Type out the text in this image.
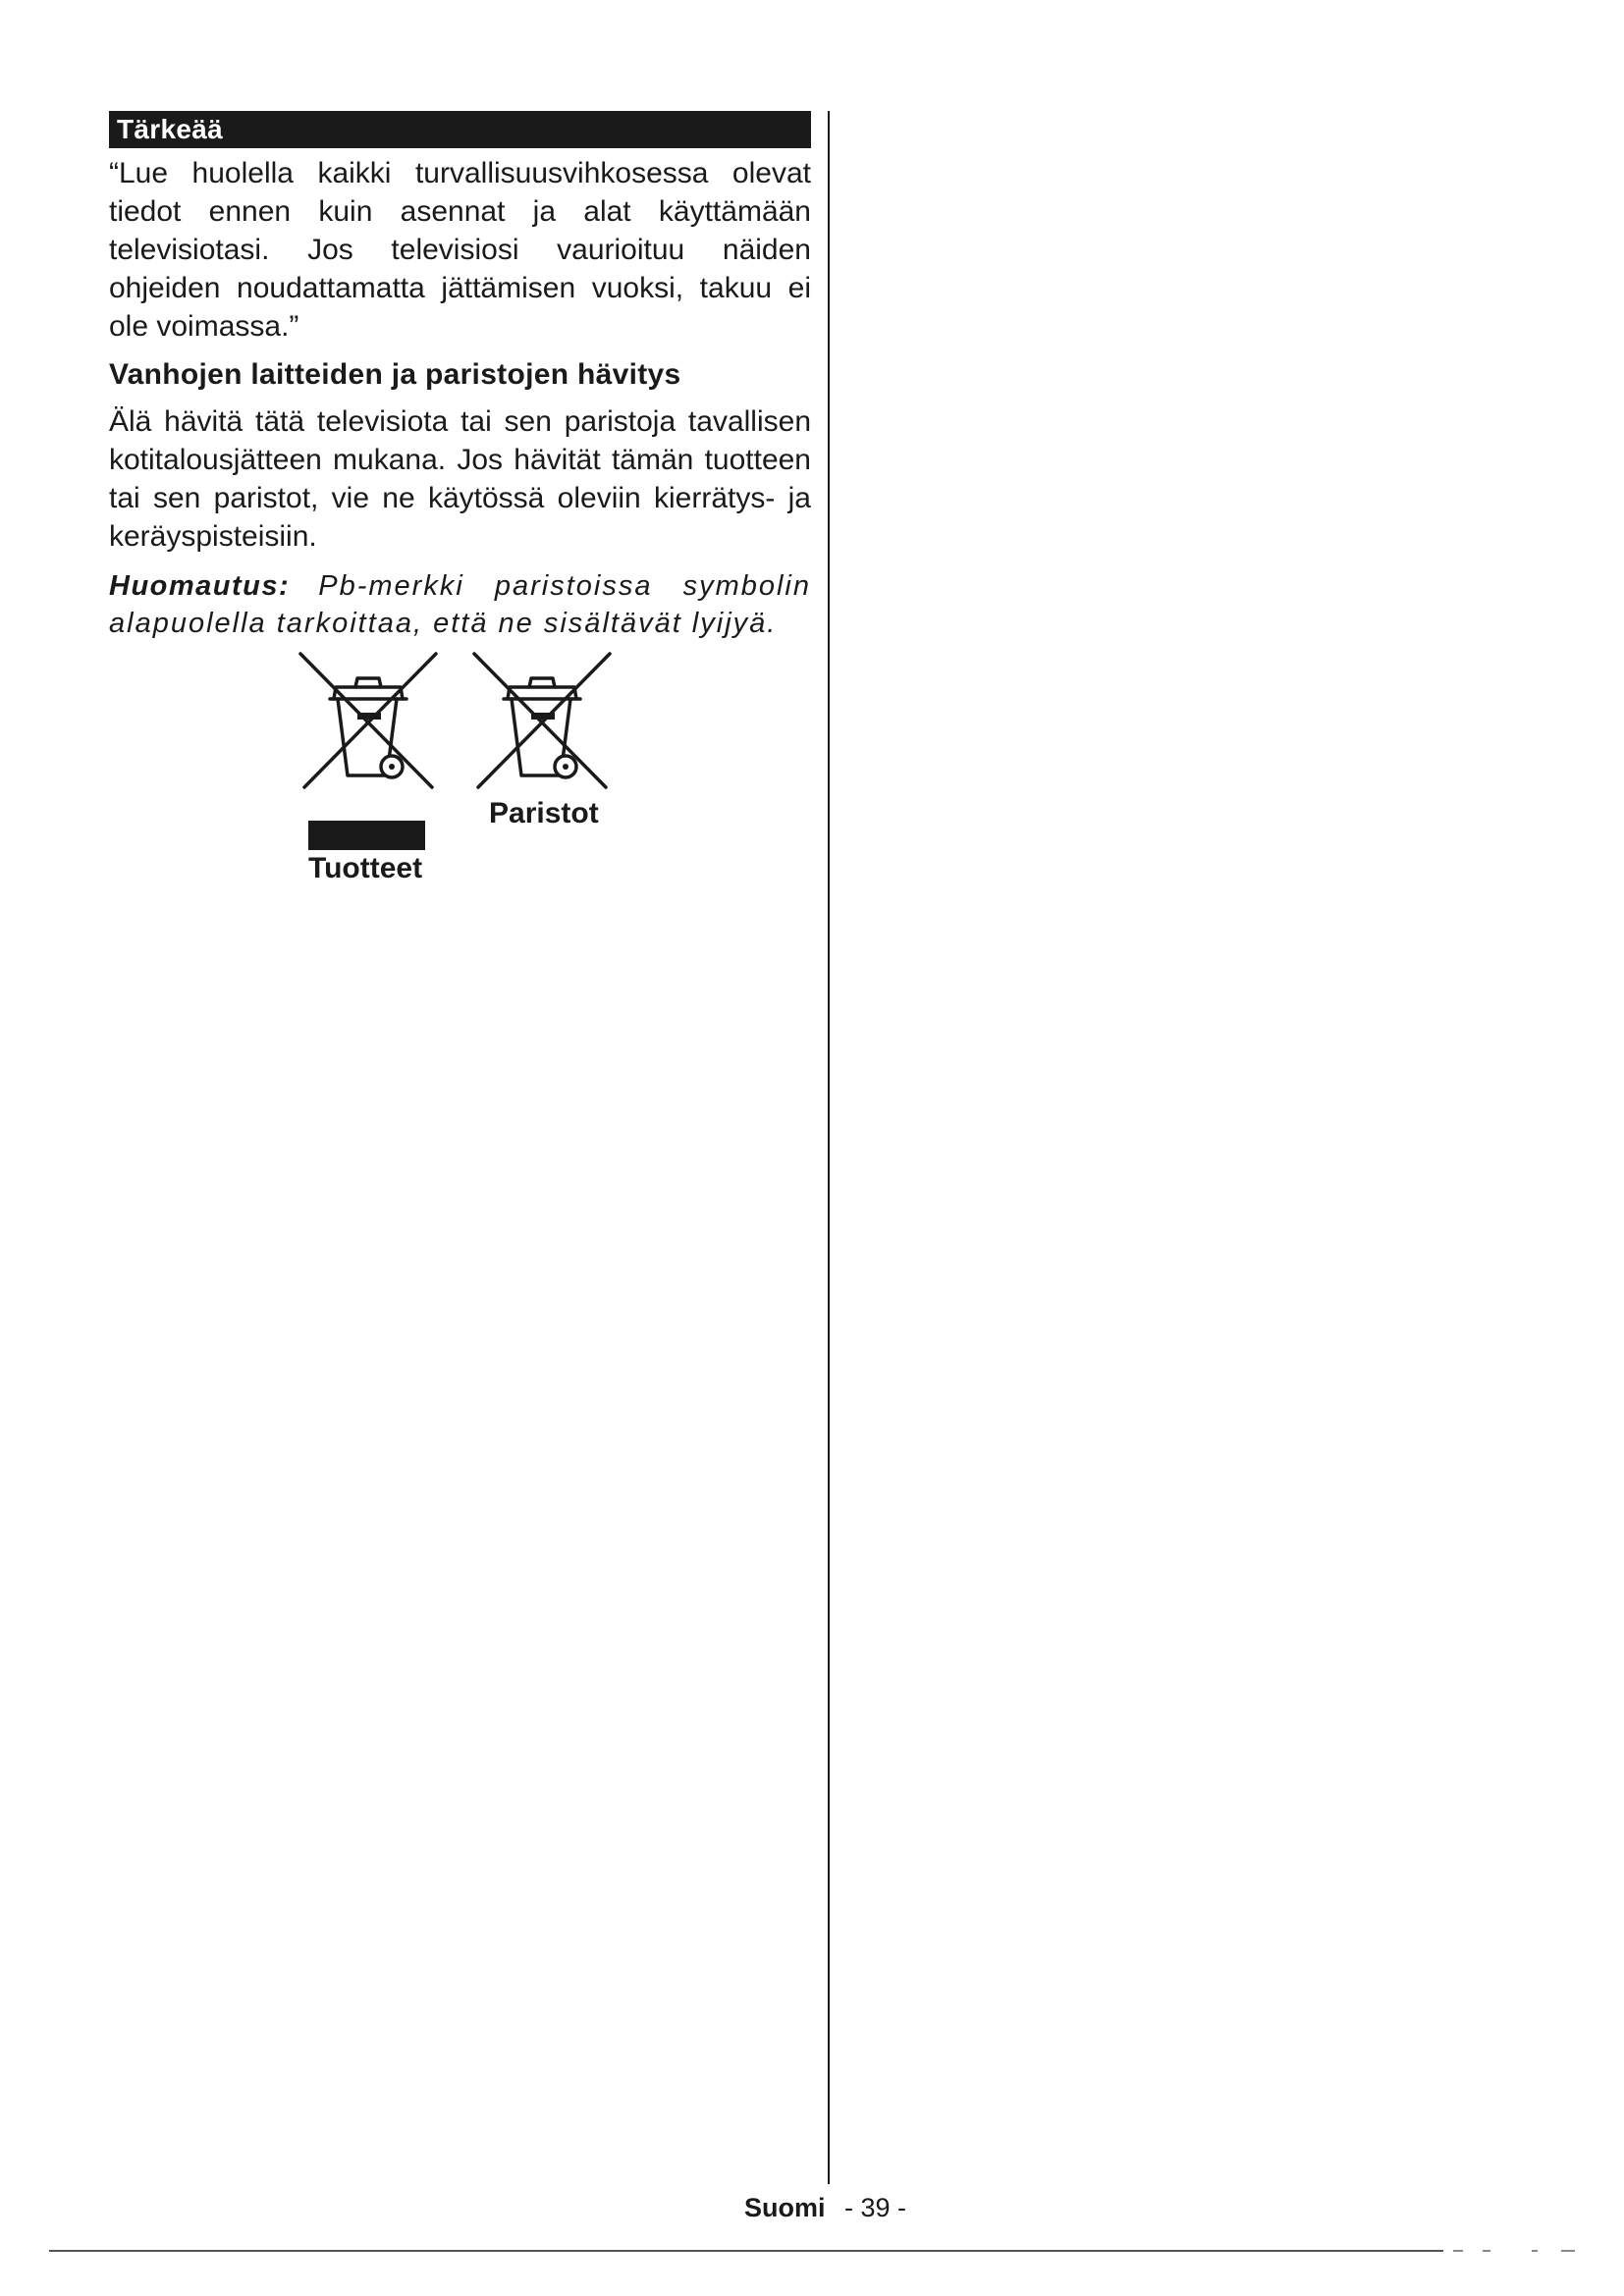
Tärkeää

“Lue huolella kaikki turvallisuusvihkosessa olevat tiedot ennen kuin asennat ja alat käyttämään televisiotasi. Jos televisiosi vaurioituu näiden ohjeiden noudattamatta jättämisen vuoksi, takuu ei ole voimassa.”

Vanhojen laitteiden ja paristojen hävitys

Älä hävitä tätä televisiota tai sen paristoja tavallisen kotitalousjätteen mukana. Jos hävität tämän tuotteen tai sen paristot, vie ne käytössä oleviin kierrätys- ja keräyspisteisiin.

Huomautus: Pb-merkki paristoissa symbolin alapuolella tarkoittaa, että ne sisältävät lyijyä.

Tuotteet
Paristot
Suomi - 39 -
